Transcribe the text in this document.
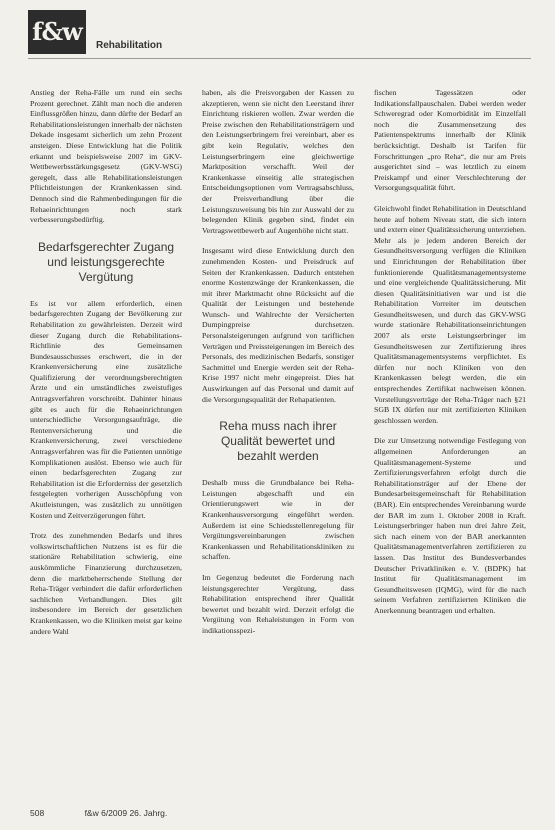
f&w	Rehabilitation

Anstieg der Reha-Fälle um rund ein sechs Prozent gerechnet. Zählt man noch die anderen Einflussgrößen hinzu, dann dürfte der Bedarf an Rehabilitationsleistungen innerhalb der nächsten Dekade insgesamt sicherlich um zehn Prozent ansteigen. Diese Entwicklung hat die Politik erkannt und beispielsweise 2007 im GKV-Wettbewerbsstärkungsgesetz (GKV-WSG) geregelt, dass alle Rehabilitationsleistungen Pflichtleistungen der Krankenkassen sind. Dennoch sind die Rahmenbedingungen für die Rehaeinrichtungen noch stark verbesserungsbedürftig.

Bedarfsgerechter Zugang und leistungsgerechte Vergütung

Es ist vor allem erforderlich, einen bedarfsgerechten Zugang der Bevölkerung zur Rehabilitation zu gewährleisten. Derzeit wird dieser Zugang durch die Rehabilitations-Richtlinie des Gemeinsamen Bundesausschusses erschwert, die in der Krankenversicherung eine zusätzliche Qualifizierung der verordnungsberechtigten Ärzte und ein umständliches zweistufiges Antragsverfahren vorschreibt. Dahinter hinaus gibt es auch für die Rehaeinrichtungen unterschiedliche Versorgungsaufträge, die Rentenversicherung und die Krankenversicherung, zwei verschiedene Antragsverfahren was für die Patienten unnötige Komplikationen auslöst. Ebenso wie auch für einen bedarfsgerechten Zugang zur Rehabilitation ist die Erforderniss der gesetzlich festgelegten vorherigen Ausschöpfung von Akutleistungen, was zusätzlich zu unnötigen Kosten und Zeitverzögerungen führt.

Trotz des zunehmenden Bedarfs und ihres volkswirtschaftlichen Nutzens ist es für die stationäre Rehabilitation schwierig, eine auskömmliche Finanzierung durchzusetzen, denn die marktbeherrschende Stellung der Reha-Träger verhindert die dafür erforderlichen sachlichen Verhandlungen. Dies gilt insbesondere im Bereich der gesetzlichen Krankenkassen, wo die Kliniken meist gar keine andere Wahl

haben, als die Preisvorgaben der Kassen zu akzeptieren, wenn sie nicht den Leerstand ihrer Einrichtung riskieren wollen. Zwar werden die Preise zwischen den Rehabilitationsträgern und den Leistungserbringern frei vereinbart, aber es gibt kein Regulativ, welches den Leistungserbringern eine gleichwertige Marktposition verschafft. Weil der Krankenkasse einseitig alle strategischen Entscheidungsoptionen vom Vertragsabschluss, der Preisverhandlung über die Leistungszuweisung bis hin zur Auswahl der zu belegenden Klinik gegeben sind, findet ein Vertragswettbewerb auf Augenhöhe nicht statt.

Insgesamt wird diese Entwicklung durch den zunehmenden Kosten- und Preisdruck auf Seiten der Krankenkassen. Dadurch entstehen enorme Kostenzwänge der Krankenkassen, die mit ihrer Marktmacht ohne Rücksicht auf die Qualität der Leistungen und bestehende Wunsch- und Wahlrechte der Versicherten Dumpingpreise durchsetzen. Personalsteigerungen aufgrund von tariflichen Verträgen und Preissteigerungen im Bereich des Personals, des medizinischen Bedarfs, sonstiger Sachmittel und Energie werden seit der Reha-Krise 1997 nicht mehr eingepreist. Dies hat Auswirkungen auf das Personal und damit auf die Versorgungsqualität der Rehapatienten.

Reha muss nach ihrer Qualität bewertet und bezahlt werden

Deshalb muss die Grundbalance bei Reha-Leistungen abgeschafft und ein Orientierungswert wie in der Krankenhausversorgung eingeführt werden. Außerdem ist eine Schiedsstellenregelung für Vergütungsvereinbarungen zwischen Krankenkassen und Rehabilitationskliniken zu schaffen.

Im Gegenzug bedeutet die Forderung nach leistungsgerechter Vergütung, dass Rehabilitation entsprechend ihrer Qualität bewertet und bezahlt wird. Derzeit erfolgt die Vergütung von Rehaleistungen in Form von indikationsspezi-

fischen Tagessätzen oder Indikationsfallpauschalen. Dabei werden weder Schweregrad oder Komorbidität im Einzelfall noch die Zusammensetzung des Patientenspektrums innerhalb der Klinik berücksichtigt. Deshalb ist Tarifen für Forschrittungen „pro Reha“, die nur am Preis ausgerichtet sind – was letztlich zu einem Preiskampf und einer Verschlechterung der Versorgungsqualität führt.

Gleichwohl findet Rehabilitation in Deutschland heute auf hohem Niveau statt, die sich intern und extern einer Qualitätssicherung unterziehen. Mehr als je jedem anderen Bereich der Gesundheitsversorgung verfügen die Kliniken und Einrichtungen der Rehabilitation über funktionierende Qualitätsmanagementsysteme und eine vergleichende Qualitätssicherung. Mit diesen Qualitätsinitiativen war und ist die Rehabilitation Vorreiter im deutschen Gesundheitswesen, und durch das GKV-WSG wurde stationäre Rehabilitationseinrichtungen 2007 als erste Leistungserbringer im Gesundheitswesen zur Zertifizierung ihres Qualitätsmanagementsystems verpflichtet. Es dürfen nur noch Kliniken von den Krankenkassen belegt werden, die ein entsprechendes Zertifikat nachweisen können. Vorstellungsverträge der Reha-Träger nach §21 SGB IX dürfen nur mit zertifizierten Kliniken geschlossen werden.

Die zur Umsetzung notwendige Festlegung von allgemeinen Anforderungen an Qualitätsmanagement-Systeme und Zertifizierungsverfahren erfolgt durch die Rehabilitationsträger auf der Ebene der Bundesarbeitsgemeinschaft für Rehabilitation (BAR). Ein entsprechendes Vereinbarung wurde der BAR im zum 1. Oktober 2008 in Kraft. Leistungserbringer haben nun drei Jahre Zeit, sich nach einem von der BAR anerkannten Qualitätsmanagementverfahren zertifizieren zu lassen. Das Institut des Bundesverbandes Deutscher Privatkliniken e. V. (BDPK) hat Institut für Qualitätsmanagement im Gesundheitswesen (IQMG), wird für die nach seinem Verfahren zertifizierten Kliniken die Anerkennung beantragen und erhalten.

508	f&w 6/2009 26. Jahrg.
